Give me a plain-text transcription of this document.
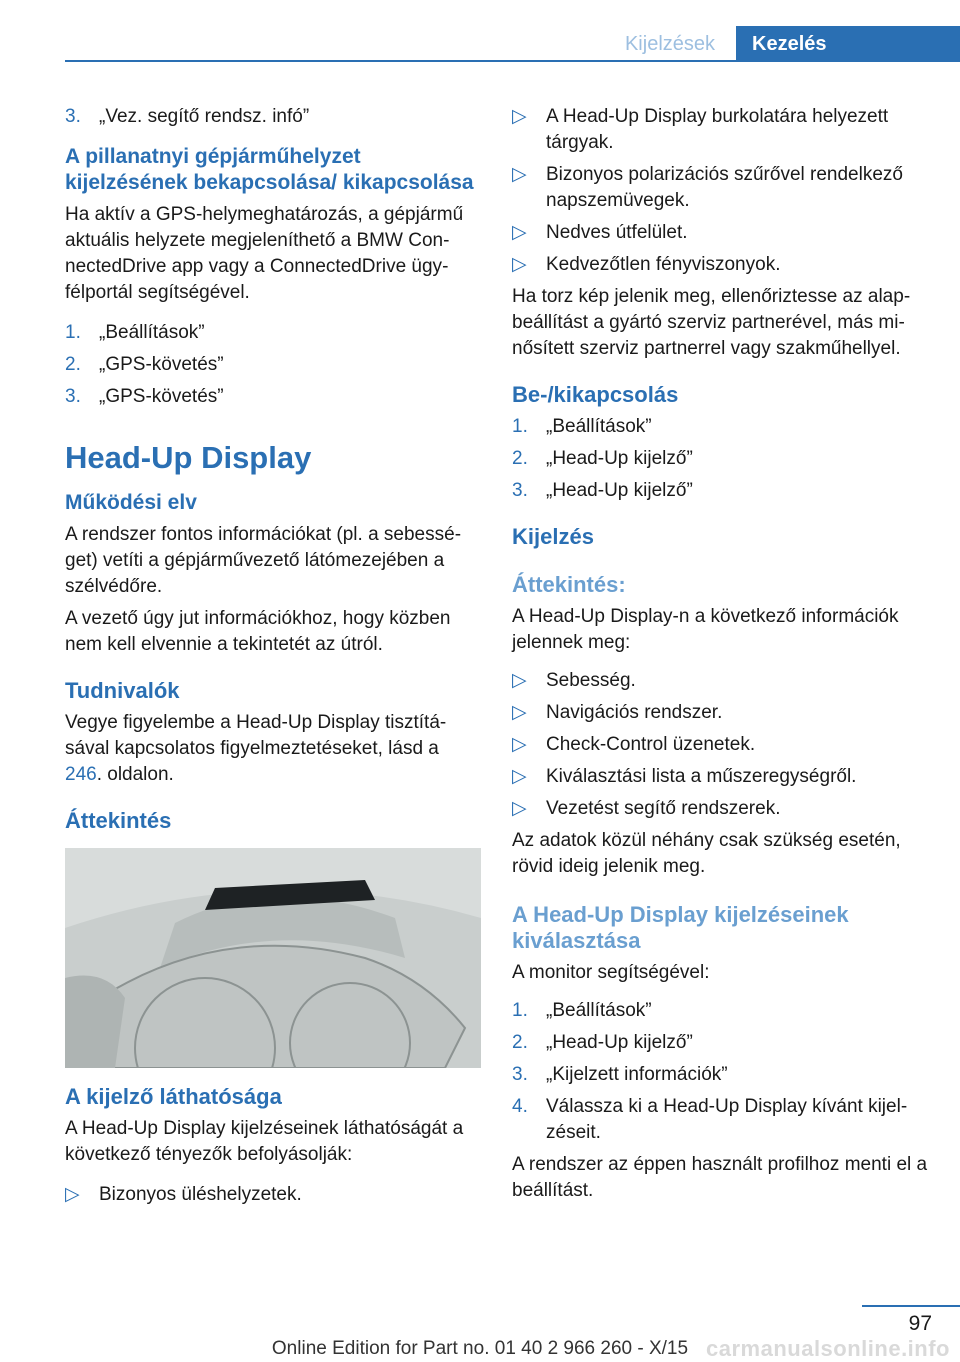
Kijelzések	Kezelés
3. „Vez. segítő rendsz. infó”
A pillanatnyi gépjárműhelyzet kijelzésének bekapcsolása/ kikapcsolása
Ha aktív a GPS-helymeghatározás, a gépjármű aktuális helyzete megjeleníthető a BMW ConnectedDrive app vagy a ConnectedDrive ügyfélportál segítségével.
1. „Beállítások”
2. „GPS-követés”
3. „GPS-követés”
Head-Up Display
Működési elv
A rendszer fontos információkat (pl. a sebességet) vetíti a gépjárművezető látómezejében a szélvédőre.
A vezető úgy jut információkhoz, hogy közben nem kell elvennie a tekintetét az útról.
Tudnivalók
Vegye figyelembe a Head-Up Display tisztításával kapcsolatos figyelmeztetéseket, lásd a 246. oldalon.
Áttekintés
A kijelző láthatósága
A Head-Up Display kijelzéseinek láthatóságát a következő tényezők befolyásolják:
▷ Bizonyos üléshelyzetek.
▷ A Head-Up Display burkolatára helyezett tárgyak.
▷ Bizonyos polarizációs szűrővel rendelkező napszemüvegek.
▷ Nedves útfelület.
▷ Kedvezőtlen fényviszonyok.
Ha torz kép jelenik meg, ellenőriztesse az alapbeállítást a gyártó szerviz partnerével, más minősített szerviz partnerrel vagy szakműhellyel.
Be-/kikapcsolás
1. „Beállítások”
2. „Head-Up kijelző”
3. „Head-Up kijelző”
Kijelzés
Áttekintés:
A Head-Up Display-n a következő információk jelennek meg:
▷ Sebesség.
▷ Navigációs rendszer.
▷ Check-Control üzenetek.
▷ Kiválasztási lista a műszeregységről.
▷ Vezetést segítő rendszerek.
Az adatok közül néhány csak szükség esetén, rövid ideig jelenik meg.
A Head-Up Display kijelzéseinek kiválasztása
A monitor segítségével:
1. „Beállítások”
2. „Head-Up kijelző”
3. „Kijelzett információk”
4. Válassza ki a Head-Up Display kívánt kijelzéseit.
A rendszer az éppen használt profilhoz menti el a beállítást.
97
Online Edition for Part no. 01 40 2 966 260 - X/15 carmanualsonline.info
